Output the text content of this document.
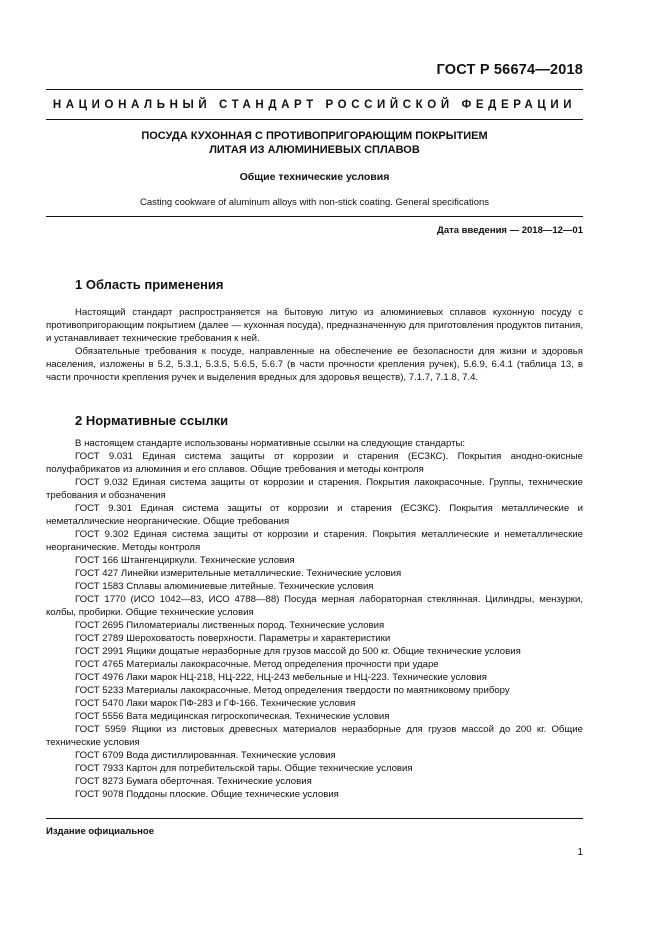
ГОСТ Р 56674—2018
НАЦИОНАЛЬНЫЙ СТАНДАРТ РОССИЙСКОЙ ФЕДЕРАЦИИ
ПОСУДА КУХОННАЯ С ПРОТИВОПРИГОРАЮЩИМ ПОКРЫТИЕМ
ЛИТАЯ ИЗ АЛЮМИНИЕВЫХ СПЛАВОВ
Общие технические условия
Casting cookware of aluminum alloys with non-stick coating. General specifications
Дата введения — 2018—12—01
1 Область применения

Настоящий стандарт распространяется на бытовую литую из алюминиевых сплавов кухонную посуду с противопригорающим покрытием (далее — кухонная посуда), предназначенную для приготовления продуктов питания, и устанавливает технические требования к ней.

Обязательные требования к посуде, направленные на обеспечение ее безопасности для жизни и здоровья населения, изложены в 5.2, 5.3.1, 5.3.5, 5.6.5, 5.6.7 (в части прочности крепления ручек), 5.6.9, 6.4.1 (таблица 13, в части прочности крепления ручек и выделения вредных для здоровья веществ), 7.1.7, 7.1.8, 7.4.

2 Нормативные ссылки

В настоящем стандарте использованы нормативные ссылки на следующие стандарты:

ГОСТ 9.031 Единая система защиты от коррозии и старения (ЕСЗКС). Покрытия анодно-окисные полуфабрикатов из алюминия и его сплавов. Общие требования и методы контроля

ГОСТ 9.032 Единая система защиты от коррозии и старения. Покрытия лакокрасочные. Группы, технические требования и обозначения

ГОСТ 9.301 Единая система защиты от коррозии и старения (ЕСЗКС). Покрытия металлические и неметаллические неорганические. Общие требования

ГОСТ 9.302 Единая система защиты от коррозии и старения. Покрытия металлические и неметаллические неорганические. Методы контроля

ГОСТ 166 Штангенциркули. Технические условия

ГОСТ 427 Линейки измерительные металлические. Технические условия

ГОСТ 1583 Сплавы алюминиевые литейные. Технические условия

ГОСТ 1770 (ИСО 1042—83, ИСО 4788—88) Посуда мерная лабораторная стеклянная. Цилиндры, мензурки, колбы, пробирки. Общие технические условия

ГОСТ 2695 Пиломатериалы лиственных пород. Технические условия

ГОСТ 2789 Шероховатость поверхности. Параметры и характеристики

ГОСТ 2991 Ящики дощатые неразборные для грузов массой до 500 кг. Общие технические условия

ГОСТ 4765 Материалы лакокрасочные. Метод определения прочности при ударе

ГОСТ 4976 Лаки марок НЦ-218, НЦ-222, НЦ-243 мебельные и НЦ-223. Технические условия

ГОСТ 5233 Материалы лакокрасочные. Метод определения твердости по маятниковому прибору

ГОСТ 5470 Лаки марок ПФ-283 и ГФ-166. Технические условия

ГОСТ 5556 Вата медицинская гигроскопическая. Технические условия

ГОСТ 5959 Ящики из листовых древесных материалов неразборные для грузов массой до 200 кг. Общие технические условия

ГОСТ 6709 Вода дистиллированная. Технические условия

ГОСТ 7933 Картон для потребительской тары. Общие технические условия

ГОСТ 8273 Бумага оберточная. Технические условия

ГОСТ 9078 Поддоны плоские. Общие технические условия

Издание официальное
1
